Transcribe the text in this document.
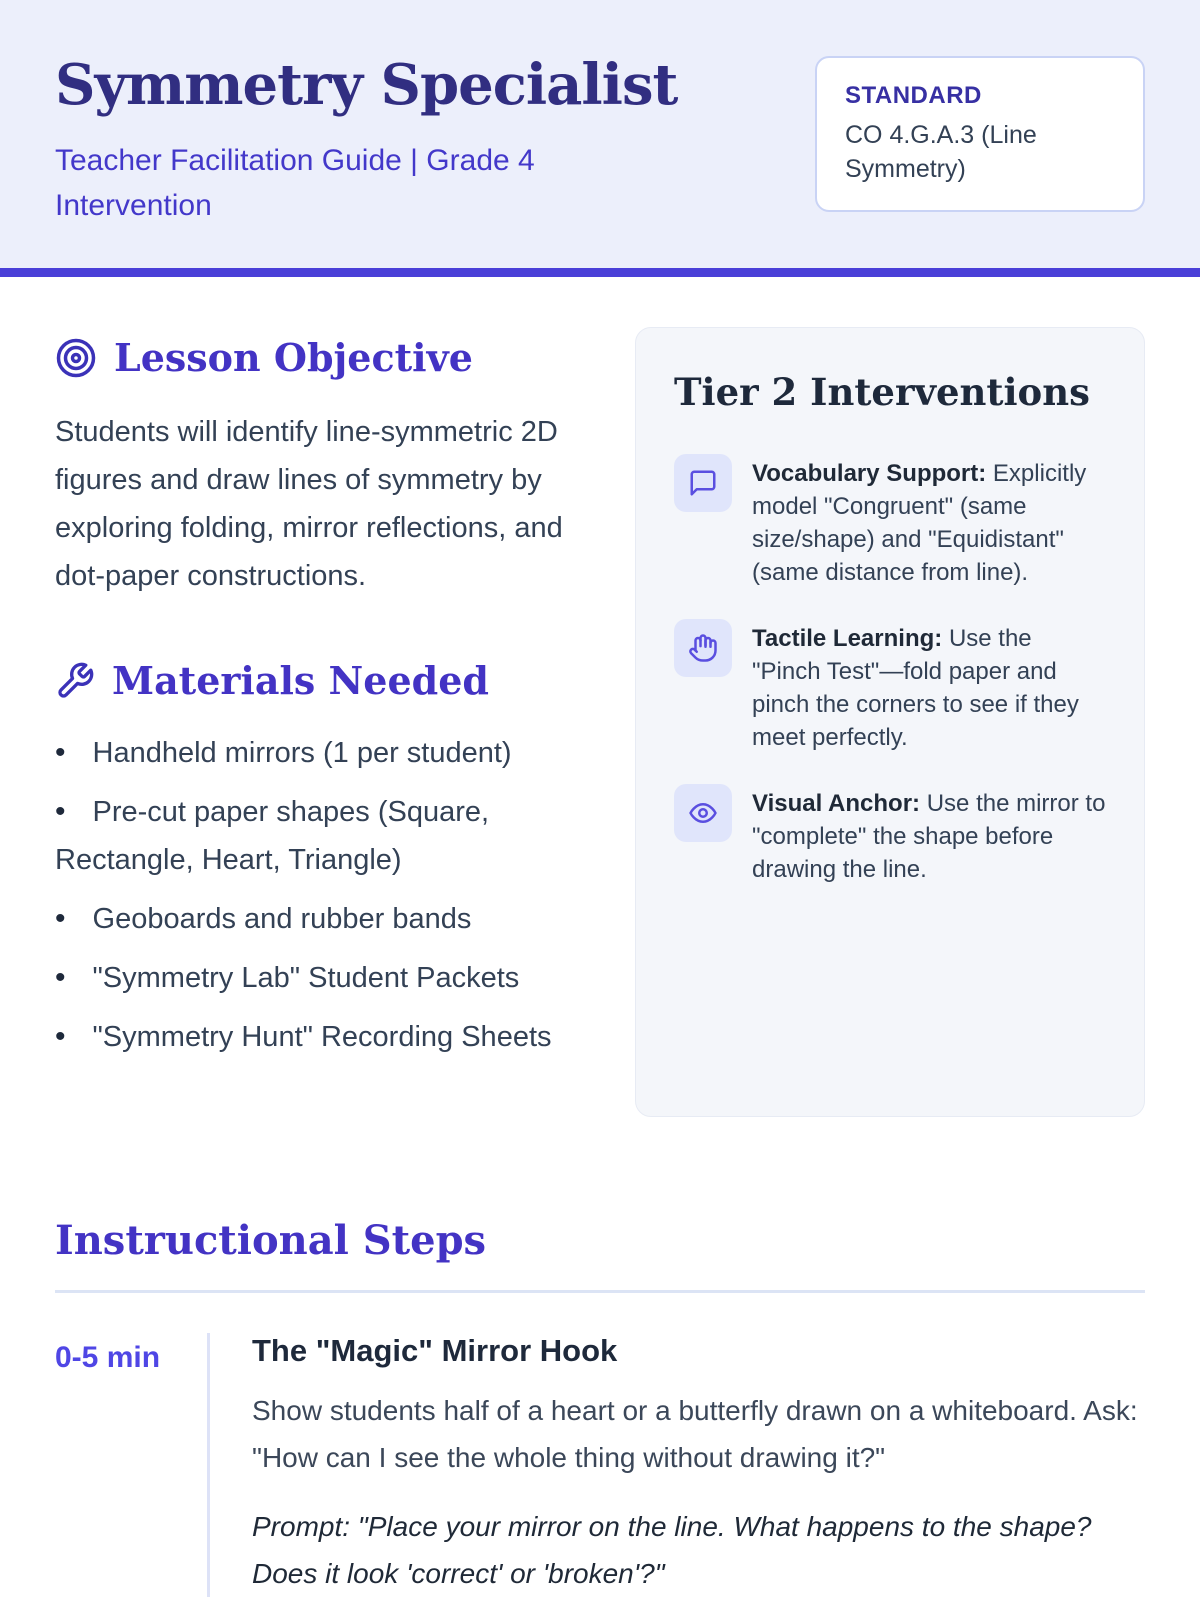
Symmetry Specialist
Teacher Facilitation Guide | Grade 4 Intervention
STANDARD
CO 4.G.A.3 (Line Symmetry)
Lesson Objective

Students will identify line-symmetric 2D figures and draw lines of symmetry by exploring folding, mirror reflections, and dot-paper constructions.

Materials Needed
• Handheld mirrors (1 per student)
• Pre-cut paper shapes (Square, Rectangle, Heart, Triangle)
• Geoboards and rubber bands
• "Symmetry Lab" Student Packets
• "Symmetry Hunt" Recording Sheets
Tier 2 Interventions
Vocabulary Support: Explicitly model "Congruent" (same size/shape) and "Equidistant" (same distance from line).
Tactile Learning: Use the "Pinch Test"—fold paper and pinch the corners to see if they meet perfectly.
Visual Anchor: Use the mirror to "complete" the shape before drawing the line.
Instructional Steps
0-5 min	The "Magic" Mirror Hook

Show students half of a heart or a butterfly drawn on a whiteboard. Ask: "How can I see the whole thing without drawing it?"

Prompt: "Place your mirror on the line. What happens to the shape? Does it look 'correct' or 'broken'?"
